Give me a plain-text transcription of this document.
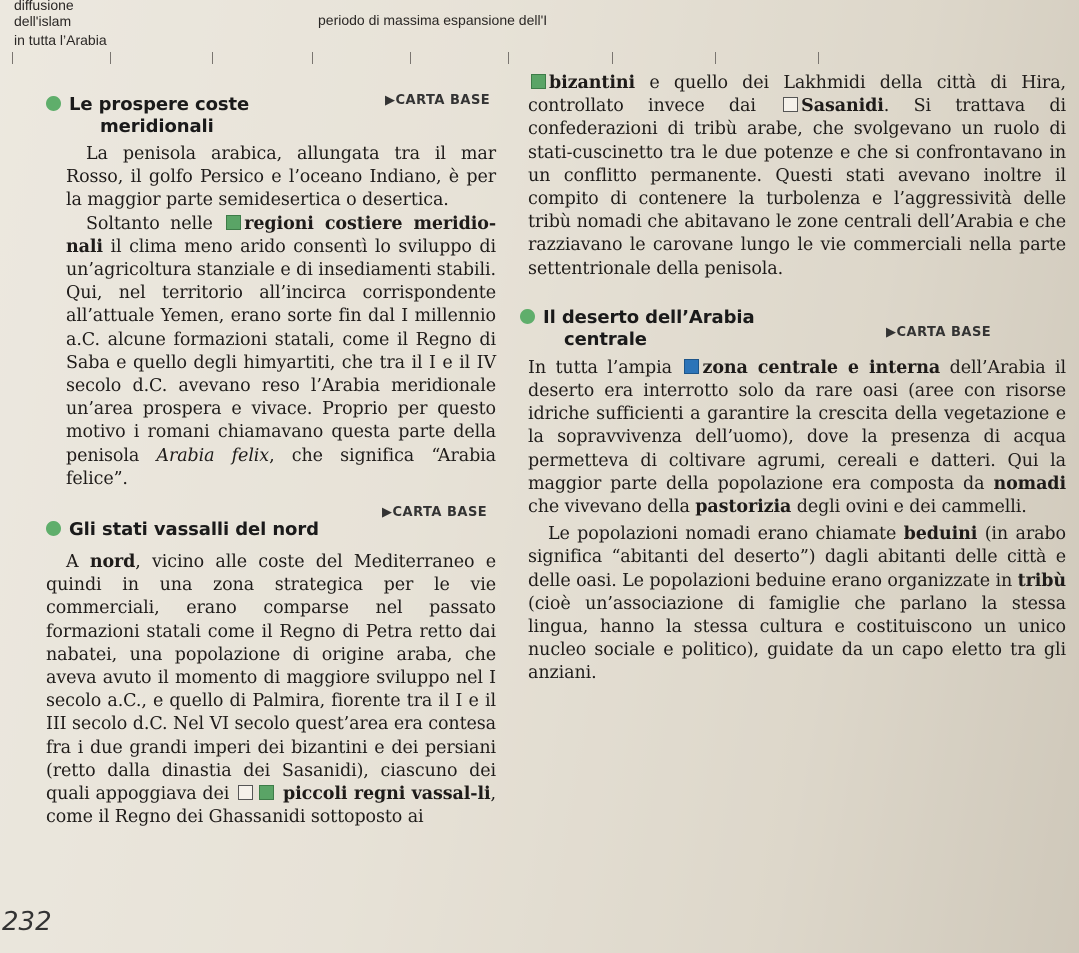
diffusione
dell'islam
in tutta l’Arabia
periodo di massima espansione dell'I
Le prospere coste
meridionali

La penisola arabica, allungata tra il mar Rosso, il golfo Persico e l’oceano Indiano, è per la maggior parte semidesertica o desertica.

Soltanto nelle regioni costiere meridio-nali il clima meno arido consentì lo sviluppo di un’agricoltura stanziale e di insediamenti stabili. Qui, nel territorio all’incirca corrispondente all’attuale Yemen, erano sorte fin dal I millennio a.C. alcune formazioni statali, come il Regno di Saba e quello degli himyartiti, che tra il I e il IV secolo d.C. avevano reso l’Arabia meridionale un’area prospera e vivace. Proprio per questo motivo i romani chiamavano questa parte della penisola Arabia felix, che significa “Arabia felice”.

Gli stati vassalli del nord

A nord, vicino alle coste del Mediterraneo e quindi in una zona strategica per le vie commerciali, erano comparse nel passato formazioni statali come il Regno di Petra retto dai nabatei, una popolazione di origine araba, che aveva avuto il momento di maggiore sviluppo nel I secolo a.C., e quello di Palmira, fiorente tra il I e il III secolo d.C. Nel VI secolo quest’area era contesa fra i due grandi imperi dei bizantini e dei persiani (retto dalla dinastia dei Sasanidi), ciascuno dei quali appoggiava dei	piccoli regni vassal-li, come il Regno dei Ghassanidi sottoposto ai

▶CARTA BASE
▶CARTA BASE

bizantini e quello dei Lakhmidi della città di Hira, controllato invece dai	Sasanidi. Si trattava di confederazioni di tribù arabe, che svolgevano un ruolo di stati-cuscinetto tra le due potenze e che si confrontavano in un conflitto permanente. Questi stati avevano inoltre il compito di contenere la turbolenza e l’aggressività delle tribù nomadi che abitavano le zone centrali dell’Arabia e che razziavano le carovane lungo le vie commerciali nella parte settentrionale della penisola.

Il deserto dell’Arabia
centrale

In tutta l’ampia zona centrale e interna dell’Arabia il deserto era interrotto solo da rare oasi (aree con risorse idriche sufficienti a garantire la crescita della vegetazione e la sopravvivenza dell’uomo), dove la presenza di acqua permetteva di coltivare agrumi, cereali e datteri. Qui la maggior parte della popolazione era composta da nomadi che vivevano della pastorizia degli ovini e dei cammelli.

Le popolazioni nomadi erano chiamate beduini (in arabo significa “abitanti del deserto”) dagli abitanti delle città e delle oasi. Le popolazioni beduine erano organizzate in tribù (cioè un’associazione di famiglie che parlano la stessa lingua, hanno la stessa cultura e costituiscono un unico nucleo sociale e politico), guidate da un capo eletto tra gli anziani.

▶CARTA BASE
232
